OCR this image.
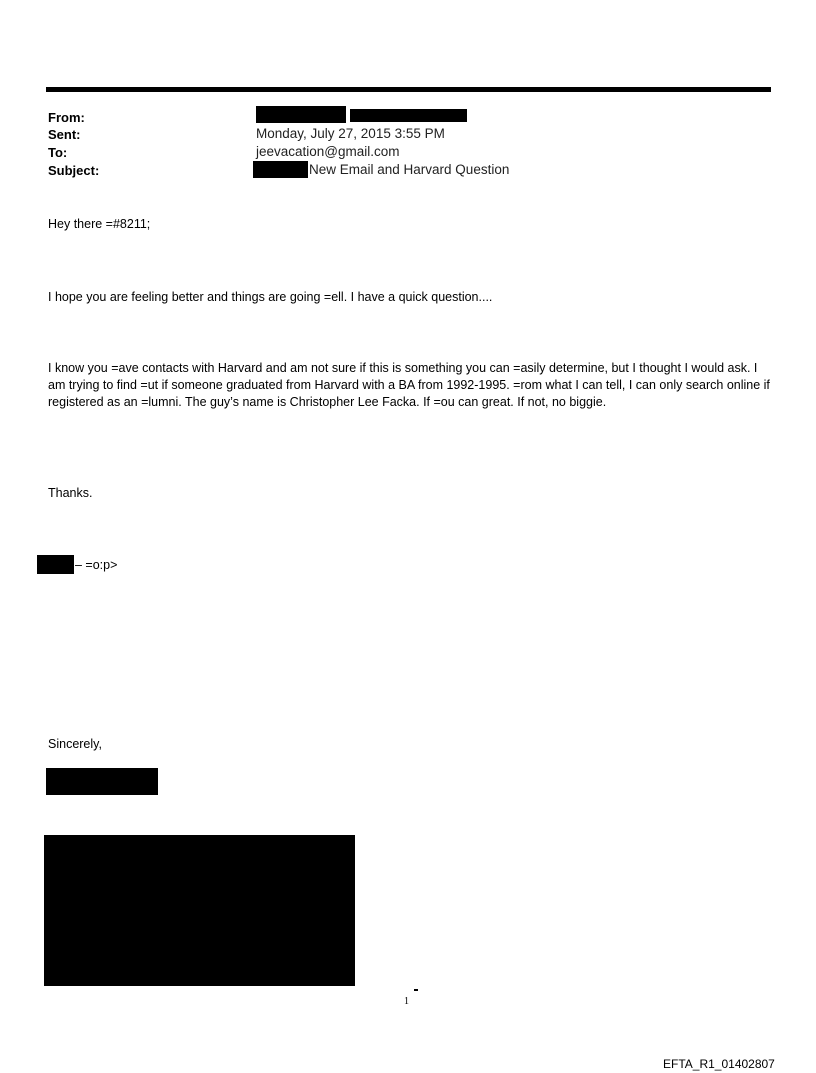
From:
Sent:
To:
Subject:
Monday, July 27, 2015 3:55 PM
jeevacation@gmail.com
New Email and Harvard Question
Hey there =#8211;
I hope you are feeling better and things are going =ell. I have a quick question....
I know you =ave contacts with Harvard and am not sure if this is something you can =asily determine, but I thought I would ask. I am trying to find =ut if someone graduated from Harvard with a BA from 1992-1995. =rom what I can tell, I can only search online if registered as an =lumni. The guy’s name is Christopher Lee Facka. If =ou can great. If not, no biggie.
Thanks.
– =o:p>
Sincerely,
1
EFTA_R1_01402807
